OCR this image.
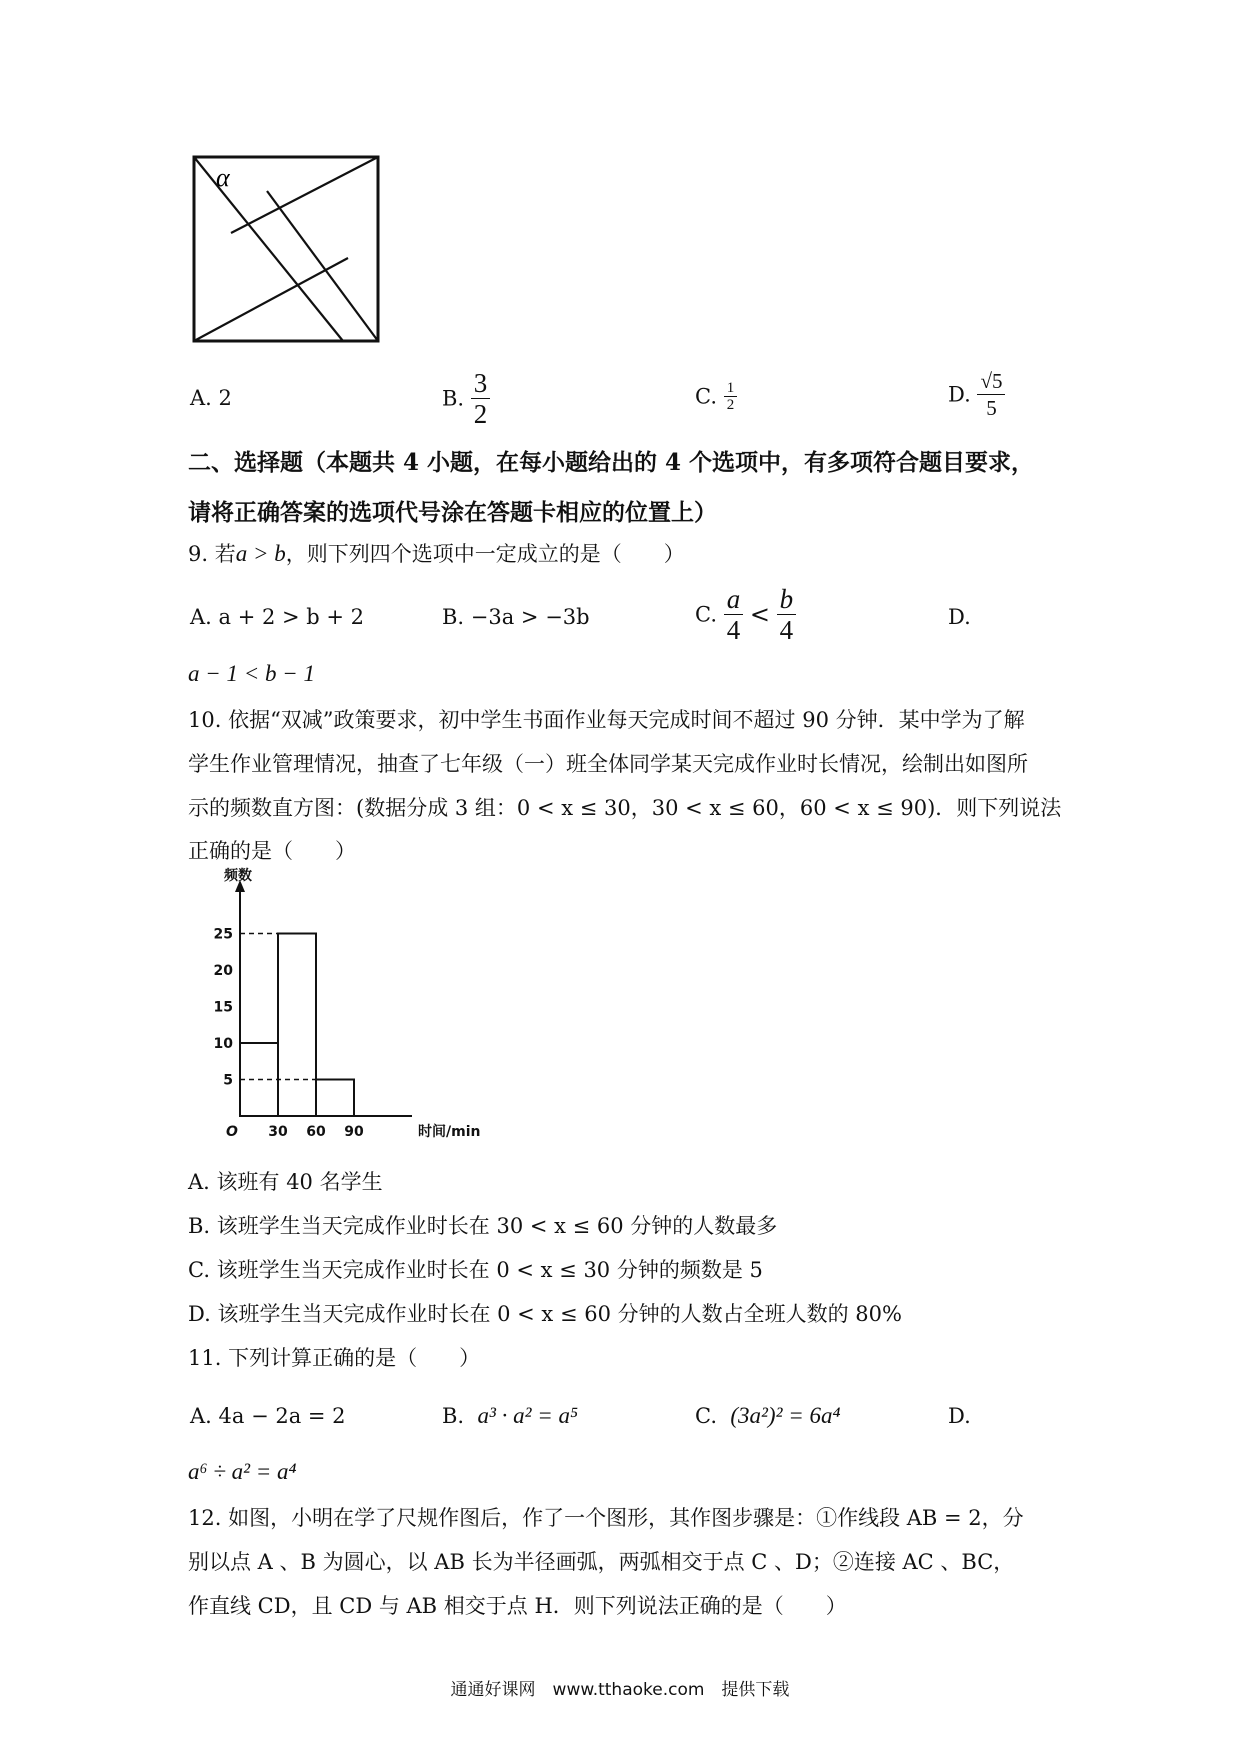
α
A. 2	B. $\frac{3}{2}$	C. $\frac{1}{2}$	D. $\frac{√5}{5}$
二、选择题（本题共 4 小题，在每小题给出的 4 个选项中，有多项符合题目要求，
请将正确答案的选项代号涂在答题卡相应的位置上）
9. 若a > b，则下列四个选项中一定成立的是（　　）
A. a + 2 > b + 2	B. −3a > −3b	C. $\frac{a}{4} < \frac{b}{4}$	D.
a − 1 < b − 1
10. 依据“双减”政策要求，初中学生书面作业每天完成时间不超过 90 分钟．某中学为了解
学生作业管理情况，抽查了七年级（一）班全体同学某天完成作业时长情况，绘制出如图所
示的频数直方图：(数据分成 3 组：0 < x ≤ 30，30 < x ≤ 60，60 < x ≤ 90)．则下列说法
正确的是（　　）
5
10
15
20
25
O 30 60 90
频数
时间/min
A. 该班有 40 名学生
B. 该班学生当天完成作业时长在 30 < x ≤ 60 分钟的人数最多
C. 该班学生当天完成作业时长在 0 < x ≤ 30 分钟的频数是 5
D. 该班学生当天完成作业时长在 0 < x ≤ 60 分钟的人数占全班人数的 80%
11. 下列计算正确的是（　　）
A. 4a − 2a = 2	B. a³ · a² = a⁵	C. (3a²)² = 6a⁴	D.
a⁶ ÷ a² = a⁴
12. 如图，小明在学了尺规作图后，作了一个图形，其作图步骤是：①作线段 AB = 2，分
别以点 A 、B 为圆心，以 AB 长为半径画弧，两弧相交于点 C 、D；②连接 AC 、BC，
作直线 CD，且 CD 与 AB 相交于点 H．则下列说法正确的是（　　）
通通好课网　www.tthaoke.com　提供下载
